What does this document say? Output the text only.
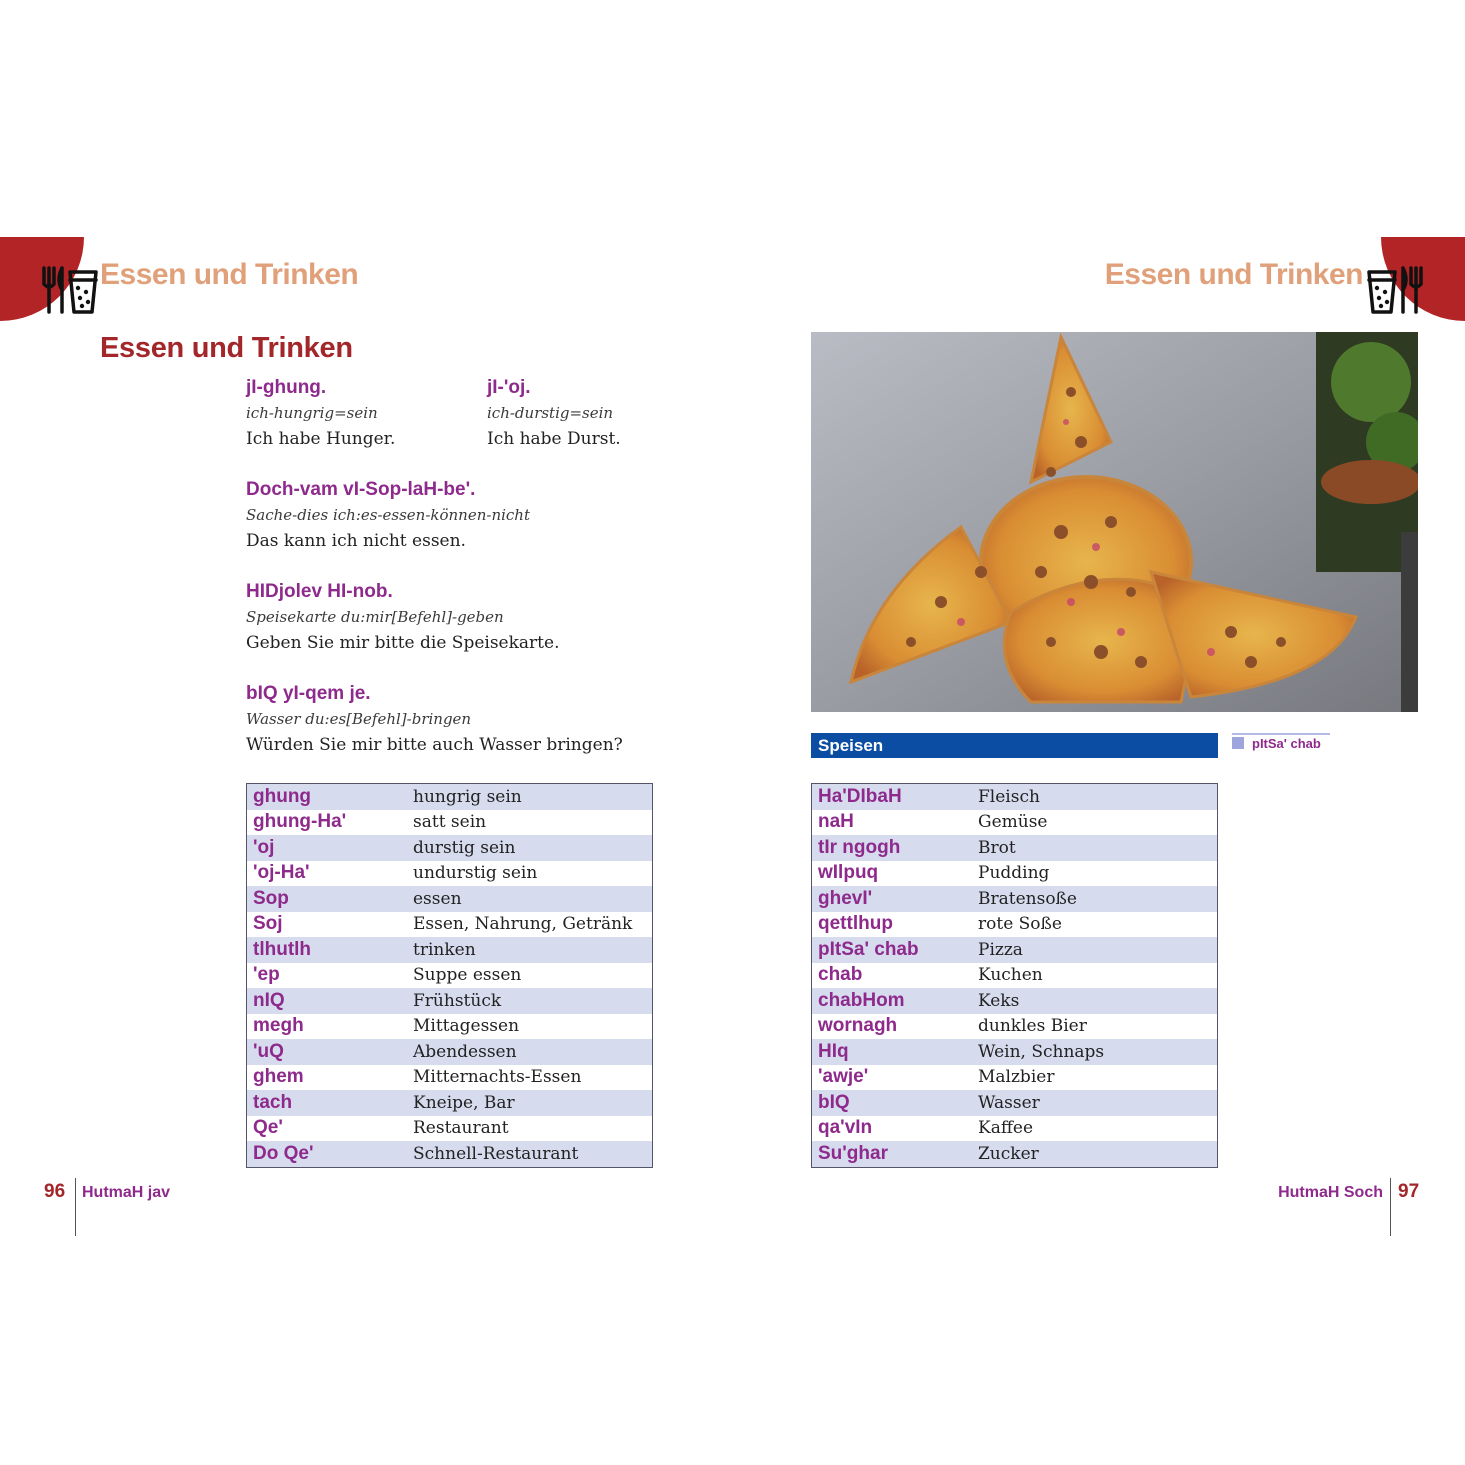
Essen und Trinken	Essen und Trinken
Essen und Trinken
jI-ghung.
ich-hungrig=sein
Ich habe Hunger.
jI-'oj.
ich-durstig=sein
Ich habe Durst.
Doch-vam vI-Sop-laH-be'.
Sache-dies ich:es-essen-können-nicht
Das kann ich nicht essen.
HIDjolev HI-nob.
Speisekarte du:mir[Befehl]-geben
Geben Sie mir bitte die Speisekarte.
bIQ yI-qem je.
Wasser du:es[Befehl]-bringen
Würden Sie mir bitte auch Wasser bringen?
ghung	hungrig sein
ghung-Ha'	satt sein
'oj	durstig sein
'oj-Ha'	undurstig sein
Sop	essen
Soj	Essen, Nahrung, Getränk
tlhutlh	trinken
'ep	Suppe essen
nIQ	Frühstück
megh	Mittagessen
'uQ	Abendessen
ghem	Mitternachts-Essen
tach	Kneipe, Bar
Qe'	Restaurant
Do Qe'	Schnell-Restaurant
Speisen	pItSa' chab
Ha'DIbaH	Fleisch
naH	Gemüse
tIr ngogh	Brot
wIlpuq	Pudding
ghevI'	Bratensoße
qettlhup	rote Soße
pItSa' chab	Pizza
chab	Kuchen
chabHom	Keks
wornagh	dunkles Bier
HIq	Wein, Schnaps
'awje'	Malzbier
bIQ	Wasser
qa'vIn	Kaffee
Su'ghar	Zucker
96 HutmaH jav	HutmaH Soch 97
